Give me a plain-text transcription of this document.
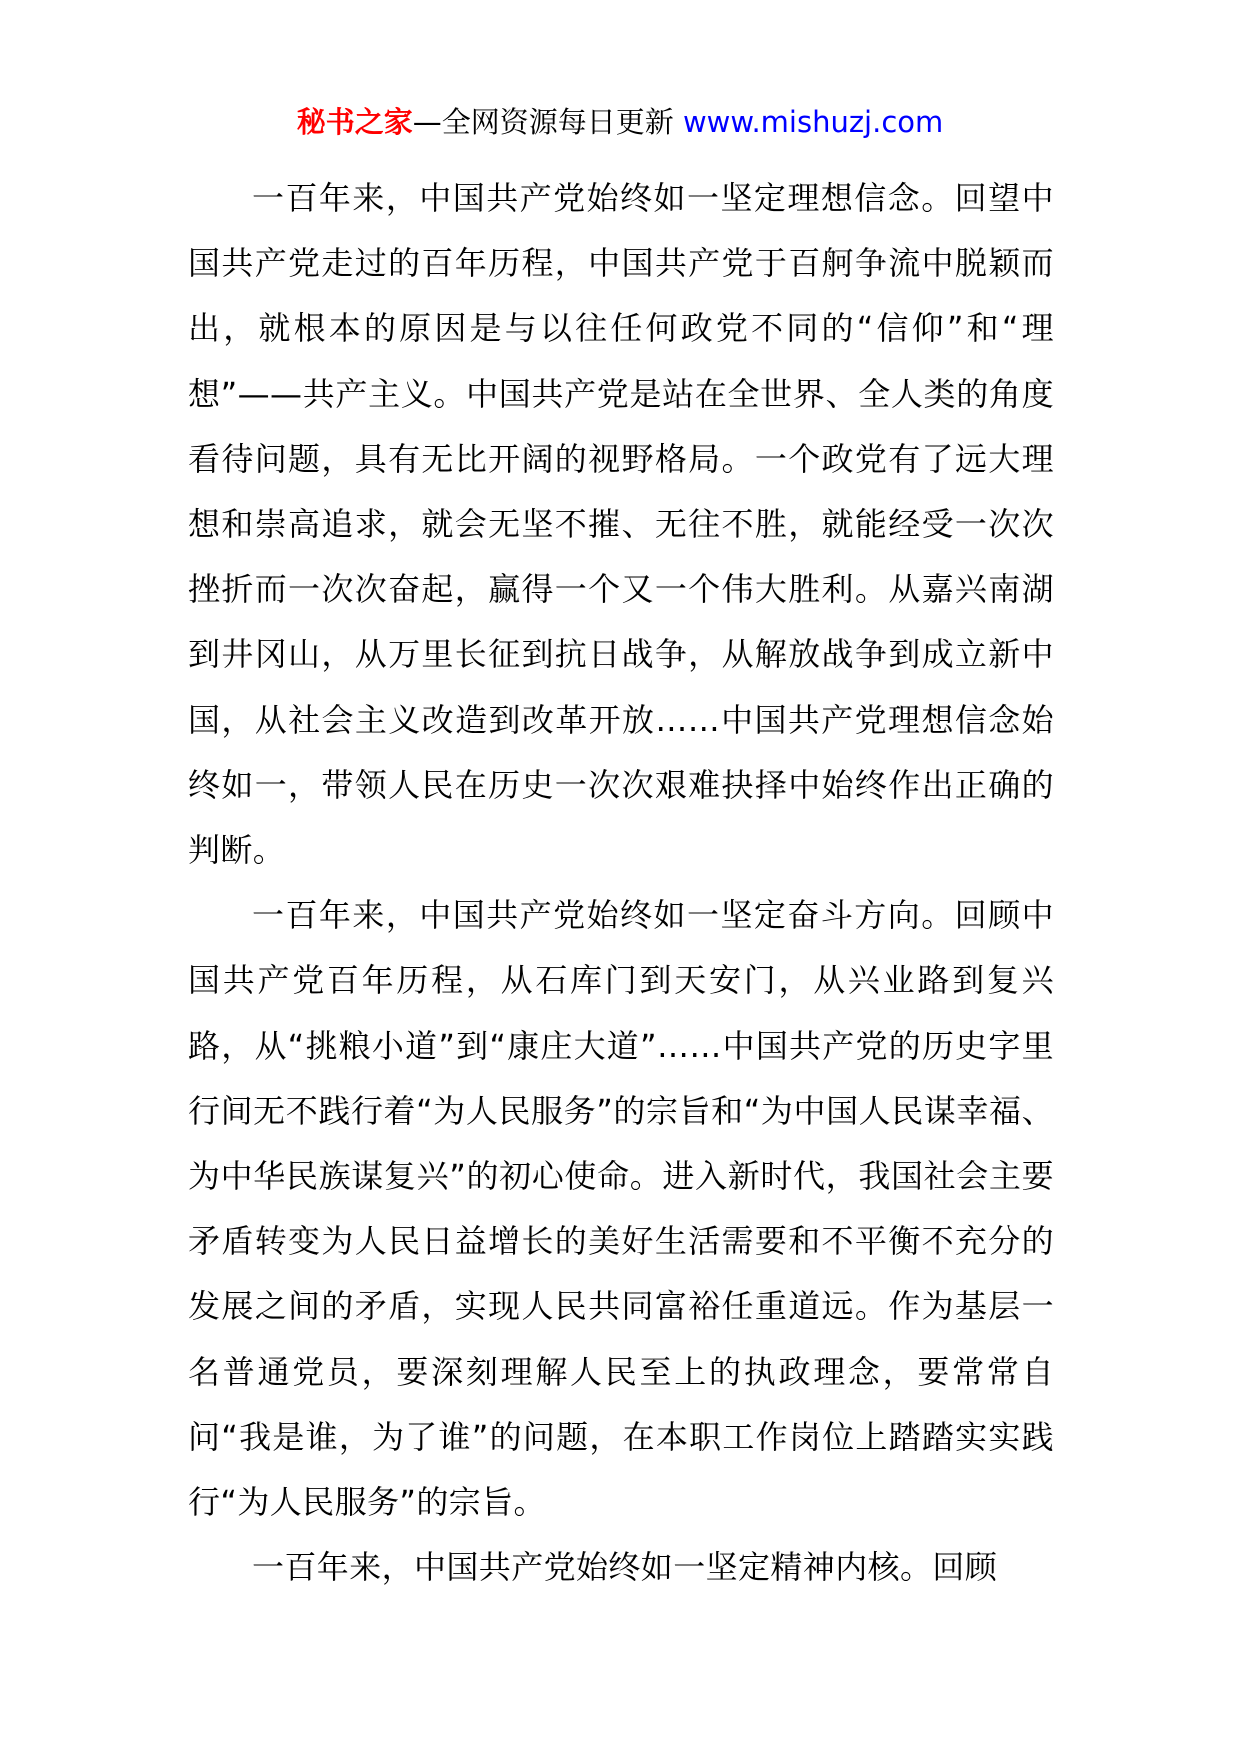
秘书之家—全网资源每日更新 www.mishuzj.com

一百年来，中国共产党始终如一坚定理想信念。回望中国共产党走过的百年历程，中国共产党于百舸争流中脱颖而出，就根本的原因是与以往任何政党不同的“信仰”和“理想”——共产主义。中国共产党是站在全世界、全人类的角度看待问题，具有无比开阔的视野格局。一个政党有了远大理想和崇高追求，就会无坚不摧、无往不胜，就能经受一次次挫折而一次次奋起，赢得一个又一个伟大胜利。从嘉兴南湖到井冈山，从万里长征到抗日战争，从解放战争到成立新中国，从社会主义改造到改革开放……中国共产党理想信念始终如一，带领人民在历史一次次艰难抉择中始终作出正确的判断。

一百年来，中国共产党始终如一坚定奋斗方向。回顾中国共产党百年历程，从石库门到天安门，从兴业路到复兴路，从“挑粮小道”到“康庄大道”……中国共产党的历史字里行间无不践行着“为人民服务”的宗旨和“为中国人民谋幸福、为中华民族谋复兴”的初心使命。进入新时代，我国社会主要矛盾转变为人民日益增长的美好生活需要和不平衡不充分的发展之间的矛盾，实现人民共同富裕任重道远。作为基层一名普通党员，要深刻理解人民至上的执政理念，要常常自问“我是谁，为了谁”的问题，在本职工作岗位上踏踏实实践行“为人民服务”的宗旨。

一百年来，中国共产党始终如一坚定精神内核。回顾
